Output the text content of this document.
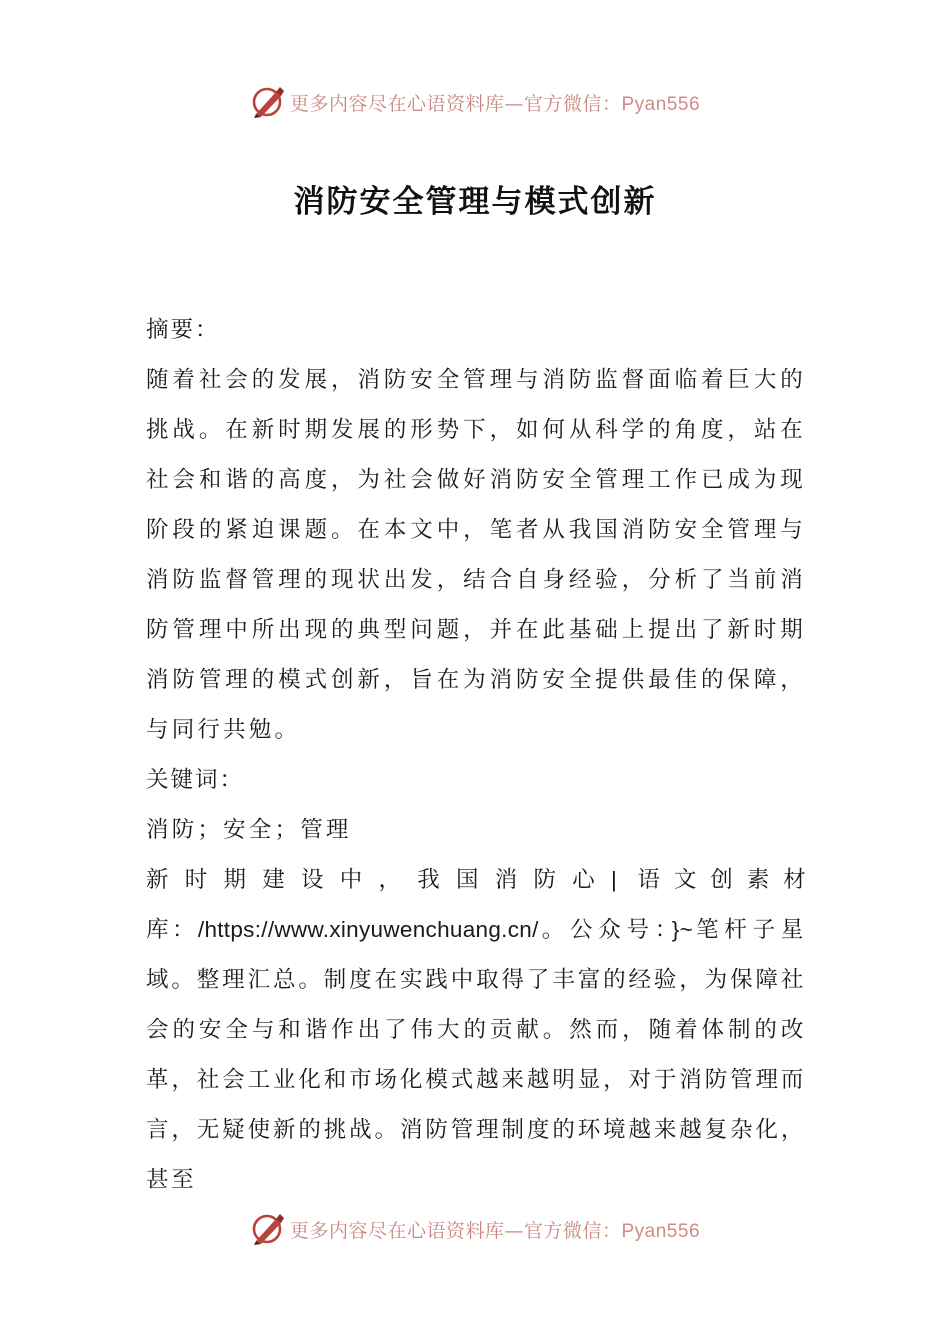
更多内容尽在心语资料库—官方微信：Pyan556
消防安全管理与模式创新

摘要：

随着社会的发展，消防安全管理与消防监督面临着巨大的挑战。在新时期发展的形势下，如何从科学的角度，站在社会和谐的高度，为社会做好消防安全管理工作已成为现阶段的紧迫课题。在本文中，笔者从我国消防安全管理与消防监督管理的现状出发，结合自身经验，分析了当前消防管理中所出现的典型问题，并在此基础上提出了新时期消防管理的模式创新，旨在为消防安全提供最佳的保障，与同行共勉。

关键词：

消防；安全；管理

新时期建设中，我国消防心| 语文创素材库：/https://www.xinyuwenchuang.cn/。公众号：}~笔杆子星域。整理汇总。制度在实践中取得了丰富的经验，为保障社会的安全与和谐作出了伟大的贡献。然而，随着体制的改革，社会工业化和市场化模式越来越明显，对于消防管理而言，无疑使新的挑战。消防管理制度的环境越来越复杂化，甚至

更多内容尽在心语资料库—官方微信：Pyan556
